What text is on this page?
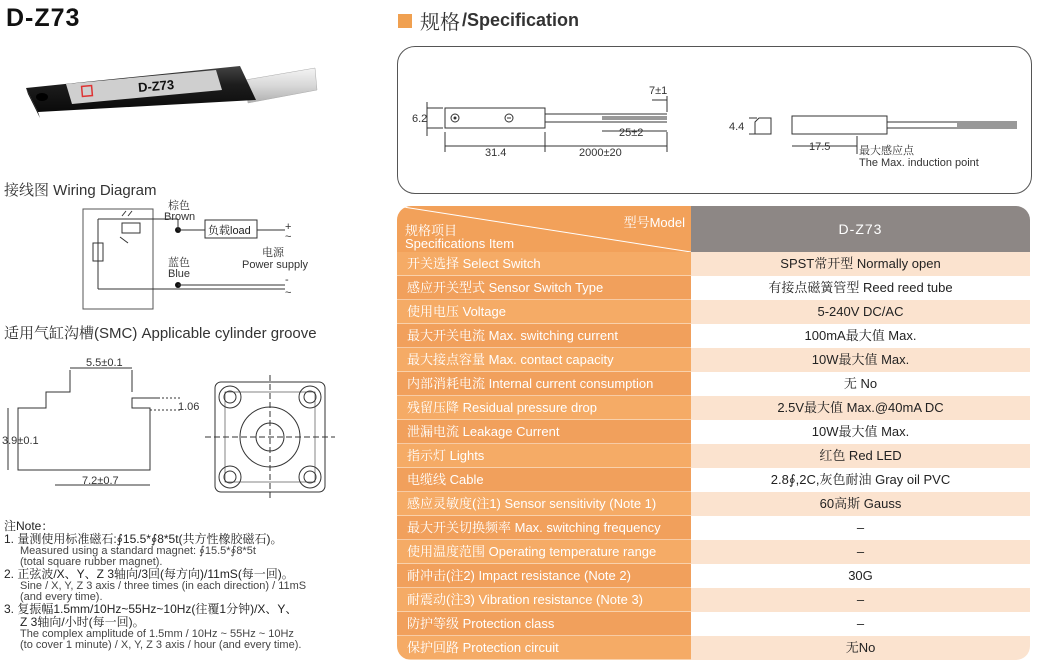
D-Z73
D-Z73
接线图 Wiring Diagram
棕色
Brown
蓝色
Blue
负载load	+
~
电源
Power supply
-
~
适用气缸沟槽(SMC) Applicable cylinder groove
5.5±0.1
1.06
3.9±0.1
7.2±0.7
注Note：
1. 量测使用标准磁石:∮15.5*∮8*5t(共方性橡胶磁石)。
Measured using a standard magnet: ∮15.5*∮8*5t
(total square rubber magnet).
2. 正弦波/X、Y、Z 3轴向/3回(每方向)/11mS(每一回)。
Sine / X, Y, Z 3 axis / three times (in each direction) / 11mS
(and every time).
3. 复振幅1.5mm/10Hz~55Hz~10Hz(往覆1分钟)/X、Y、
Z 3轴向/小时(每一回)。
The complex amplitude of 1.5mm / 10Hz ~ 55Hz ~ 10Hz
(to cover 1 minute) / X, Y, Z 3 axis / hour (and every time).
规格 /Specification
6.2
7±1
25±2
31.4	2000±20
4.4
17.5	最大感应点
The Max. induction point
型号Model
规格项目
Specifications Item
D-Z73
开关选择 Select Switch	SPST常开型 Normally open
感应开关型式 Sensor Switch Type	有接点磁簧管型 Reed reed tube
使用电压 Voltage	5-240V DC/AC
最大开关电流 Max. switching current	100mA最大值 Max.
最大接点容量 Max. contact capacity	10W最大值 Max.
内部消耗电流 Internal current consumption	无 No
残留压降 Residual pressure drop	2.5V最大值 Max.@40mA DC
泄漏电流 Leakage Current	10W最大值 Max.
指示灯 Lights	红色 Red LED
电缆线 Cable	2.8∮,2C,灰色耐油 Gray oil PVC
感应灵敏度(注1) Sensor sensitivity (Note 1)	60高斯 Gauss
最大开关切换频率 Max. switching frequency	–
使用温度范围 Operating temperature range	–
耐冲击(注2) Impact resistance (Note 2)	30G
耐震动(注3) Vibration resistance (Note 3)	–
防护等级 Protection class	–
保护回路 Protection circuit	无No
